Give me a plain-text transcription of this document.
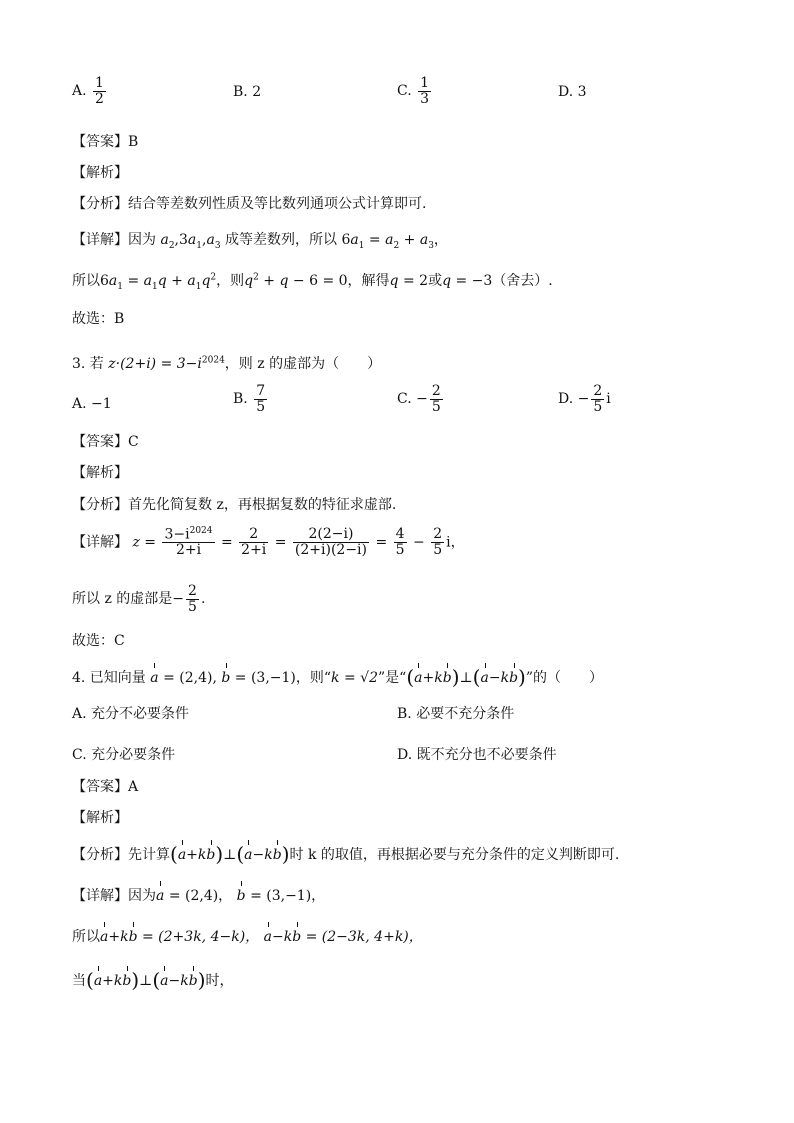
A. $\frac{1}{2}$	B. 2	C. $\frac{1}{3}$	D. 3
【答案】B
【解析】
【分析】结合等差数列性质及等比数列通项公式计算即可.
【详解】因为 $a_2,3a_1,a_3$ 成等差数列，所以 $6a_1 = a_2 + a_3$，
所以$6a_1 = a_1q + a_1q^2$，则$q^2 + q - 6 = 0$，解得q = 2或q = −3（舍去）.
故选：B
3. 若 $z\cdot(2+i) = 3-i^{2024}$，则 z 的虚部为（　　）
A. −1	B. $\frac{7}{5}$	C. − $\frac{2}{5}$	D. − $\frac{2}{5}$ i
【答案】C
【解析】
【分析】首先化简复数 z，再根据复数的特征求虚部.
【详解】 $z = \frac{3-i^{2024}}{2+i} = \frac{2}{2+i} = \frac{2(2-i)}{(2+i)(2-i)} = \frac{4}{5} - \frac{2}{5}$ i，
所以 z 的虚部是− $\frac{2}{5}$ .
故选：C
4. 已知向量 a = (2,4), b = (3,−1)，则“k = √2”是“(a+kb)⊥(a−kb)”的（　　）
A. 充分不必要条件	B. 必要不充分条件
C. 充分必要条件	D. 既不充分也不必要条件
【答案】A
【解析】
【分析】先计算(a+kb)⊥(a−kb)时 k 的取值，再根据必要与充分条件的定义判断即可.
【详解】因为a = (2,4)， b = (3,−1)，
所以a+kb = (2+3k, 4−k)， a−kb = (2−3k, 4+k)，
当(a+kb)⊥(a−kb)时，
